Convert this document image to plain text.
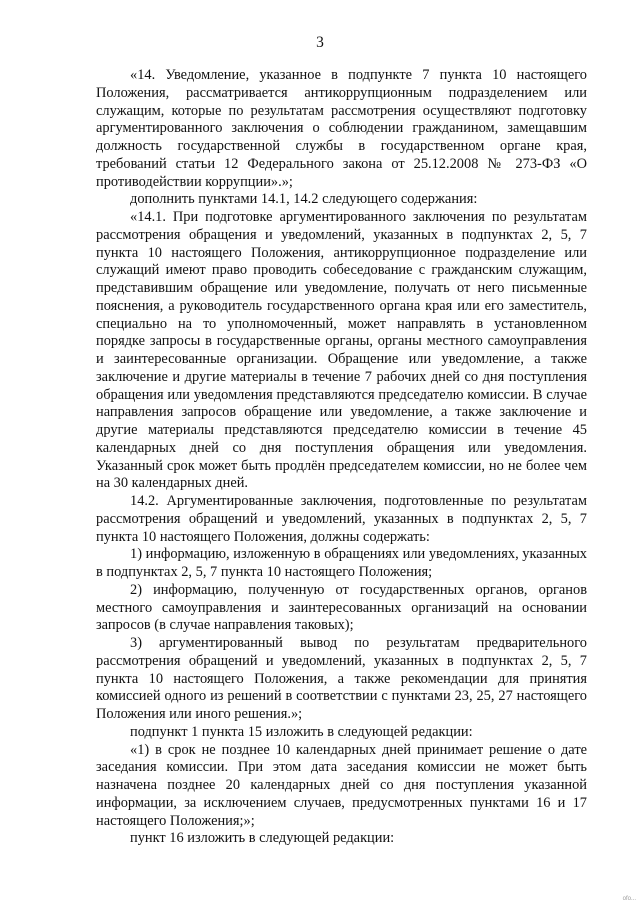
3

«14. Уведомление, указанное в подпункте 7 пункта 10 настоящего Положения, рассматривается антикоррупционным подразделением или служащим, которые по результатам рассмотрения осуществляют подготовку аргументированного заключения о соблюдении гражданином, замещавшим должность государственной службы в государственном органе края, требований статьи 12 Федерального закона от 25.12.2008 № 273-ФЗ «О противодействии коррупции».»;

дополнить пунктами 14.1, 14.2 следующего содержания:

«14.1. При подготовке аргументированного заключения по результатам рассмотрения обращения и уведомлений, указанных в подпунктах 2, 5, 7 пункта 10 настоящего Положения, антикоррупционное подразделение или служащий имеют право проводить собеседование с гражданским служащим, представившим обращение или уведомление, получать от него письменные пояснения, а руководитель государственного органа края или его заместитель, специально на то уполномоченный, может направлять в установленном порядке запросы в государственные органы, органы местного самоуправления и заинтересованные организации. Обращение или уведомление, а также заключение и другие материалы в течение 7 рабочих дней со дня поступления обращения или уведомления представляются председателю комиссии. В случае направления запросов обращение или уведомление, а также заключение и другие материалы представляются председателю комиссии в течение 45 календарных дней со дня поступления обращения или уведомления. Указанный срок может быть продлён председателем комиссии, но не более чем на 30 календарных дней.

14.2. Аргументированные заключения, подготовленные по результатам рассмотрения обращений и уведомлений, указанных в подпунктах 2, 5, 7 пункта 10 настоящего Положения, должны содержать:

1) информацию, изложенную в обращениях или уведомлениях, указанных в подпунктах 2, 5, 7 пункта 10 настоящего Положения;

2) информацию, полученную от государственных органов, органов местного самоуправления и заинтересованных организаций на основании запросов (в случае направления таковых);

3) аргументированный вывод по результатам предварительного рассмотрения обращений и уведомлений, указанных в подпунктах 2, 5, 7 пункта 10 настоящего Положения, а также рекомендации для принятия комиссией одного из решений в соответствии с пунктами 23, 25, 27 настоящего Положения или иного решения.»;

подпункт 1 пункта 15 изложить в следующей редакции:

«1) в срок не позднее 10 календарных дней принимает решение о дате заседания комиссии. При этом дата заседания комиссии не может быть назначена позднее 20 календарных дней со дня поступления указанной информации, за исключением случаев, предусмотренных пунктами 16 и 17 настоящего Положения;»;

пункт 16 изложить в следующей редакции:

ofo...
